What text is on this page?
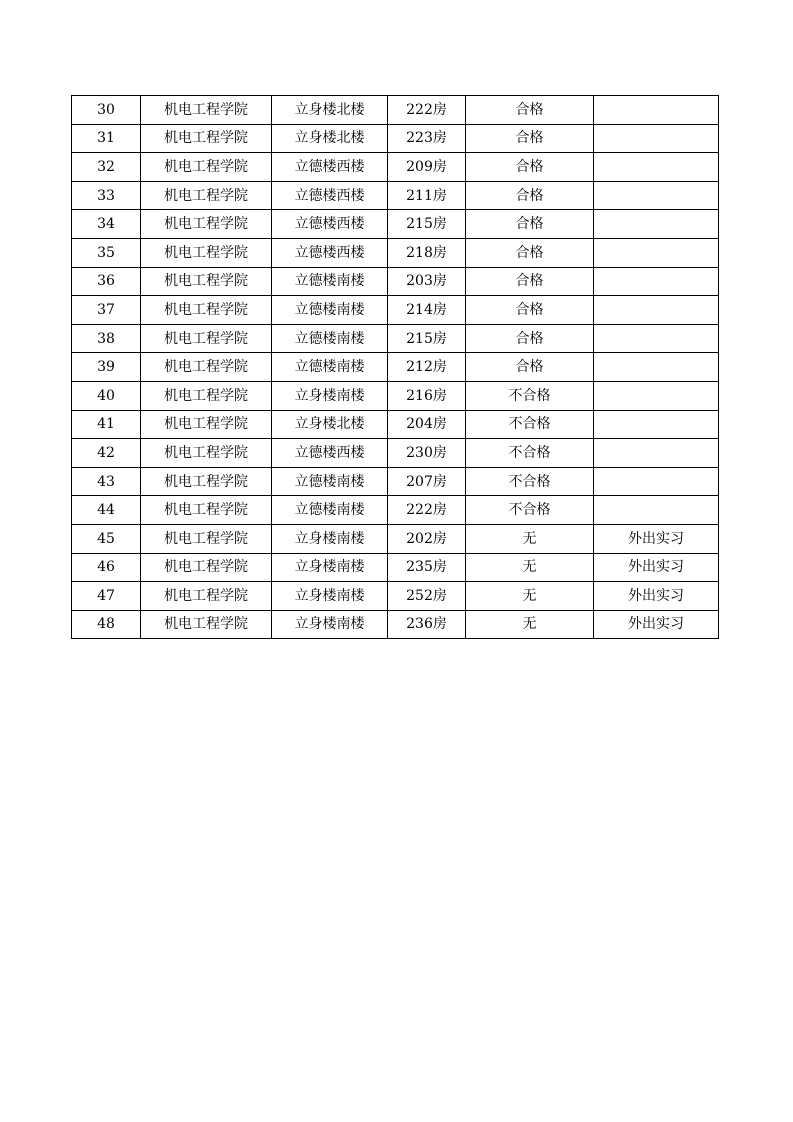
30	机电工程学院	立身楼北楼	222房	合格	
31	机电工程学院	立身楼北楼	223房	合格	
32	机电工程学院	立德楼西楼	209房	合格	
33	机电工程学院	立德楼西楼	211房	合格	
34	机电工程学院	立德楼西楼	215房	合格	
35	机电工程学院	立德楼西楼	218房	合格	
36	机电工程学院	立德楼南楼	203房	合格	
37	机电工程学院	立德楼南楼	214房	合格	
38	机电工程学院	立德楼南楼	215房	合格	
39	机电工程学院	立德楼南楼	212房	合格	
40	机电工程学院	立身楼南楼	216房	不合格	
41	机电工程学院	立身楼北楼	204房	不合格	
42	机电工程学院	立德楼西楼	230房	不合格	
43	机电工程学院	立德楼南楼	207房	不合格	
44	机电工程学院	立德楼南楼	222房	不合格	
45	机电工程学院	立身楼南楼	202房	无	外出实习
46	机电工程学院	立身楼南楼	235房	无	外出实习
47	机电工程学院	立身楼南楼	252房	无	外出实习
48	机电工程学院	立身楼南楼	236房	无	外出实习
